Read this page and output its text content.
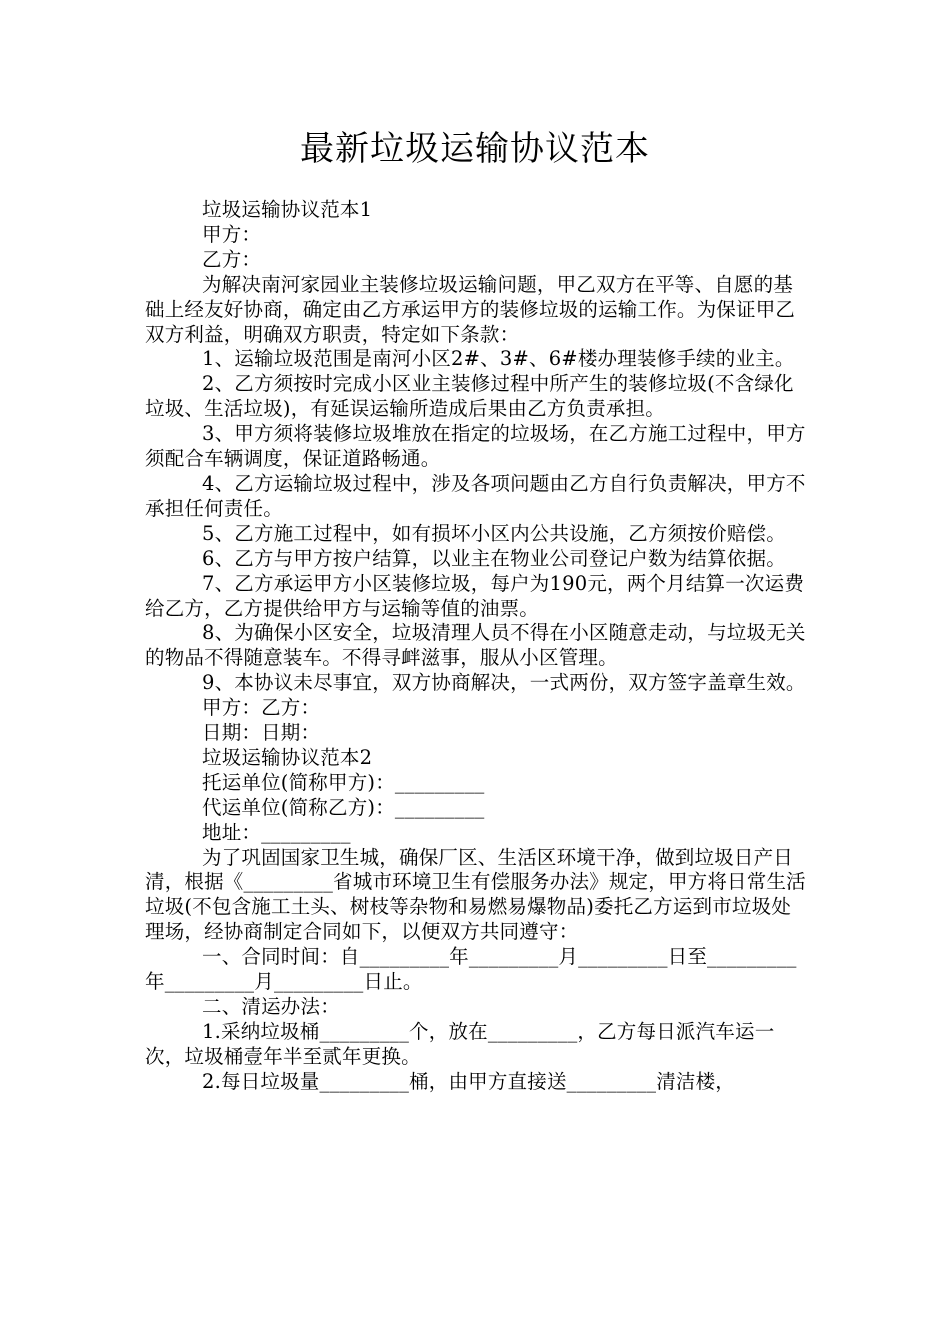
最新垃圾运输协议范本

垃圾运输协议范本1

甲方：

乙方：

为解决南河家园业主装修垃圾运输问题，甲乙双方在平等、自愿的基础上经友好协商，确定由乙方承运甲方的装修垃圾的运输工作。为保证甲乙双方利益，明确双方职责，特定如下条款：

1、运输垃圾范围是南河小区2#、3#、6#楼办理装修手续的业主。

2、乙方须按时完成小区业主装修过程中所产生的装修垃圾(不含绿化垃圾、生活垃圾)，有延误运输所造成后果由乙方负责承担。

3、甲方须将装修垃圾堆放在指定的垃圾场，在乙方施工过程中，甲方须配合车辆调度，保证道路畅通。

4、乙方运输垃圾过程中，涉及各项问题由乙方自行负责解决，甲方不承担任何责任。

5、乙方施工过程中，如有损坏小区内公共设施，乙方须按价赔偿。

6、乙方与甲方按户结算，以业主在物业公司登记户数为结算依据。

7、乙方承运甲方小区装修垃圾，每户为190元，两个月结算一次运费给乙方，乙方提供给甲方与运输等值的油票。

8、为确保小区安全，垃圾清理人员不得在小区随意走动，与垃圾无关的物品不得随意装车。不得寻衅滋事，服从小区管理。

9、本协议未尽事宜，双方协商解决，一式两份，双方签字盖章生效。

甲方：乙方：

日期：日期：

垃圾运输协议范本2

托运单位(简称甲方)：_________

代运单位(简称乙方)：_________

地址：_________

为了巩固国家卫生城，确保厂区、生活区环境干净，做到垃圾日产日清，根据《_________省城市环境卫生有偿服务办法》规定，甲方将日常生活垃圾(不包含施工土头、树枝等杂物和易燃易爆物品)委托乙方运到市垃圾处理场，经协商制定合同如下，以便双方共同遵守：

一、合同时间：自_________年_________月_________日至_________年_________月_________日止。

二、清运办法：

1.采纳垃圾桶_________个，放在_________，乙方每日派汽车运一次，垃圾桶壹年半至贰年更换。

2.每日垃圾量_________桶，由甲方直接送_________清洁楼，
